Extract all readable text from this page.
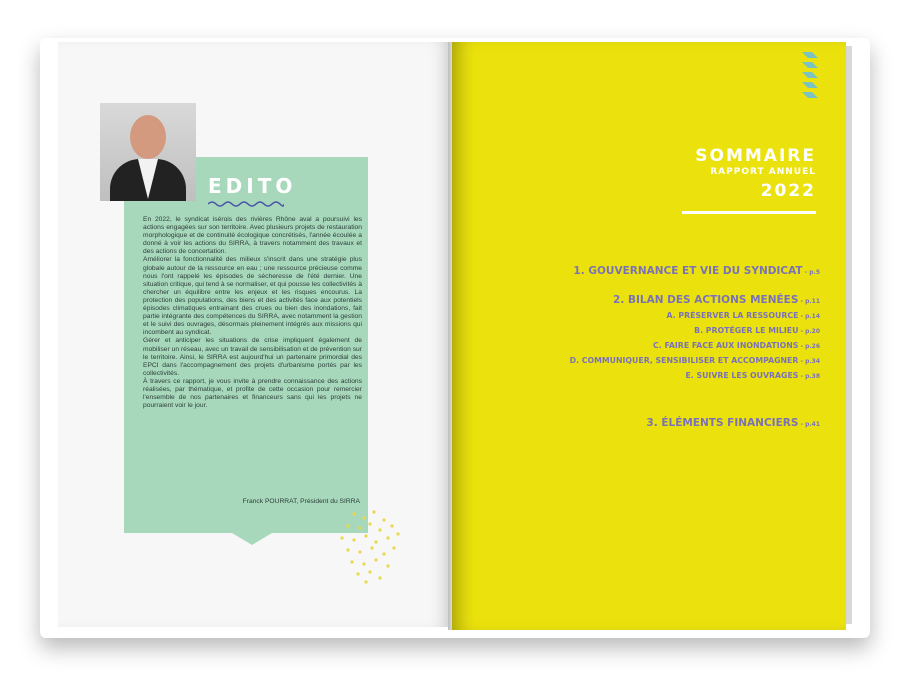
EDITO

En 2022, le syndicat isérois des rivières Rhône aval a poursuivi les actions engagées sur son territoire. Avec plusieurs projets de restauration morphologique et de continuité écologique concrétisés, l'année écoulée a donné à voir les actions du SIRRA, à travers notamment des travaux et des actions de concertation.

Améliorer la fonctionnalité des milieux s'inscrit dans une stratégie plus globale autour de la ressource en eau ; une ressource précieuse comme nous l'ont rappelé les épisodes de sécheresse de l'été dernier. Une situation critique, qui tend à se normaliser, et qui pousse les collectivités à chercher un équilibre entre les enjeux et les risques encourus. La protection des populations, des biens et des activités face aux potentiels épisodes climatiques entrainant des crues ou bien des inondations, fait partie intégrante des compétences du SIRRA, avec notamment la gestion et le suivi des ouvrages, désormais pleinement intégrés aux missions qui incombent au syndicat.

Gérer et anticiper les situations de crise impliquent également de mobiliser un réseau, avec un travail de sensibilisation et de prévention sur le territoire. Ainsi, le SIRRA est aujourd'hui un partenaire primordial des EPCI dans l'accompagnement des projets d'urbanisme portés par les collectivités.

À travers ce rapport, je vous invite à prendre connaissance des actions réalisées, par thématique, et profite de cette occasion pour remercier l'ensemble de nos partenaires et financeurs sans qui les projets ne pourraient voir le jour.

Franck POURRAT, Président du SIRRA
SOMMAIRE
RAPPORT ANNUEL
2022
1. GOUVERNANCE ET VIE DU SYNDICAT - p.5
2. BILAN DES ACTIONS MENÉES - p.11
A. PRÉSERVER LA RESSOURCE - p.14
B. PROTÉGER LE MILIEU - p.20
C. FAIRE FACE AUX INONDATIONS - p.26
D. COMMUNIQUER, SENSIBILISER ET ACCOMPAGNER - p.34
E. SUIVRE LES OUVRAGES - p.38
3. ÉLÉMENTS FINANCIERS - p.41
